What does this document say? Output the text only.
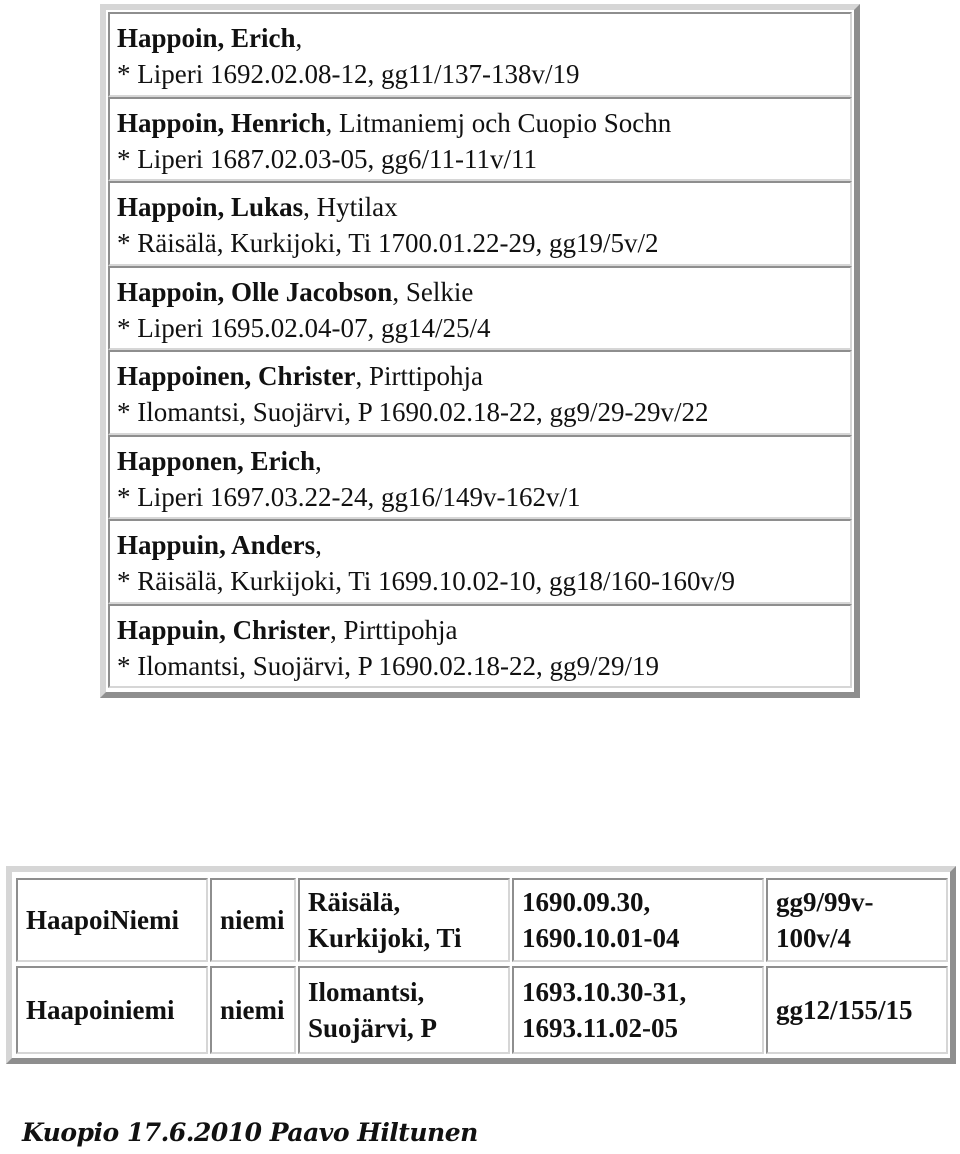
Happoin, Erich,
* Liperi 1692.02.08-12, gg11/137-138v/19
Happoin, Henrich, Litmaniemj och Cuopio Sochn
* Liperi 1687.02.03-05, gg6/11-11v/11
Happoin, Lukas, Hytilax
* Räisälä, Kurkijoki, Ti 1700.01.22-29, gg19/5v/2
Happoin, Olle Jacobson, Selkie
* Liperi 1695.02.04-07, gg14/25/4
Happoinen, Christer, Pirttipohja
* Ilomantsi, Suojärvi, P 1690.02.18-22, gg9/29-29v/22
Happonen, Erich,
* Liperi 1697.03.22-24, gg16/149v-162v/1
Happuin, Anders,
* Räisälä, Kurkijoki, Ti 1699.10.02-10, gg18/160-160v/9
Happuin, Christer, Pirttipohja
* Ilomantsi, Suojärvi, P 1690.02.18-22, gg9/29/19
HaapoiNiemi niemi
Räisälä,
Kurkijoki, Ti
1690.09.30,
1690.10.01-04
gg9/99v-
100v/4
Haapoiniemi niemi
Ilomantsi,
Suojärvi, P
1693.10.30-31,
1693.11.02-05
gg12/155/15
Kuopio 17.6.2010 Paavo Hiltunen
